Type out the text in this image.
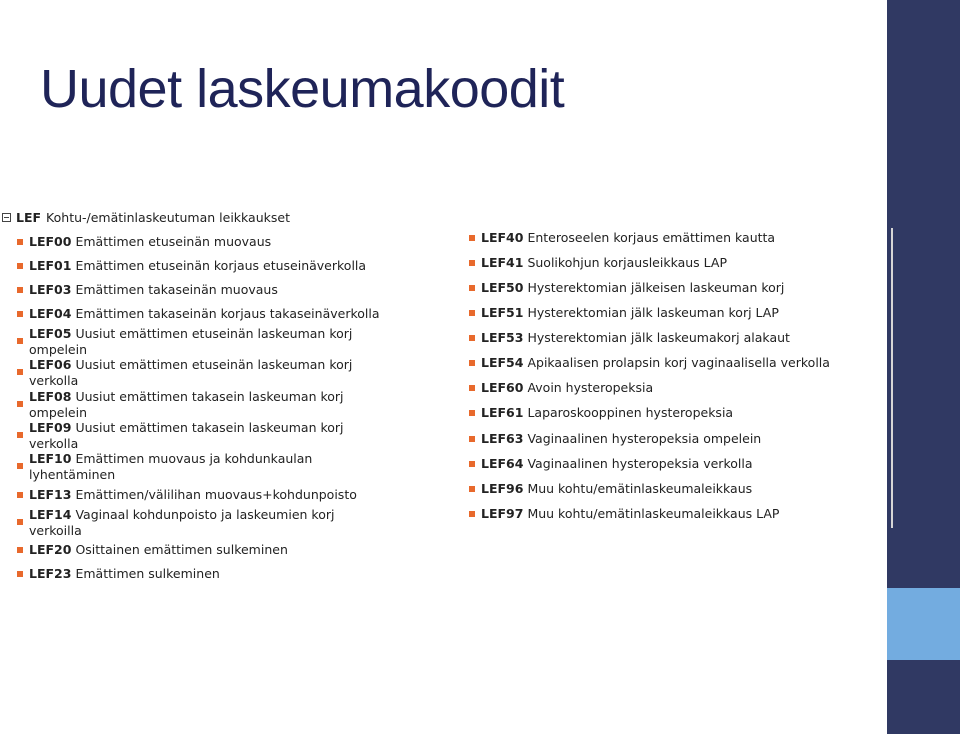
Uudet laskeumakoodit
LEF Kohtu-/emätinlaskeutuman leikkaukset
LEF00 Emättimen etuseinän muovaus
LEF01 Emättimen etuseinän korjaus etuseinäverkolla
LEF03 Emättimen takaseinän muovaus
LEF04 Emättimen takaseinän korjaus takaseinäverkolla
LEF05 Uusiut emättimen etuseinän laskeuman korj
ompelein
LEF06 Uusiut emättimen etuseinän laskeuman korj
verkolla
LEF08 Uusiut emättimen takasein laskeuman korj
ompelein
LEF09 Uusiut emättimen takasein laskeuman korj
verkolla
LEF10 Emättimen muovaus ja kohdunkaulan
lyhentäminen
LEF13 Emättimen/välilihan muovaus+kohdunpoisto
LEF14 Vaginaal kohdunpoisto ja laskeumien korj
verkoilla
LEF20 Osittainen emättimen sulkeminen
LEF23 Emättimen sulkeminen
LEF40 Enteroseelen korjaus emättimen kautta
LEF41 Suolikohjun korjausleikkaus LAP
LEF50 Hysterektomian jälkeisen laskeuman korj
LEF51 Hysterektomian jälk laskeuman korj LAP
LEF53 Hysterektomian jälk laskeumakorj alakaut
LEF54 Apikaalisen prolapsin korj vaginaalisella verkolla
LEF60 Avoin hysteropeksia
LEF61 Laparoskooppinen hysteropeksia
LEF63 Vaginaalinen hysteropeksia ompelein
LEF64 Vaginaalinen hysteropeksia verkolla
LEF96 Muu kohtu/emätinlaskeumaleikkaus
LEF97 Muu kohtu/emätinlaskeumaleikkaus LAP
